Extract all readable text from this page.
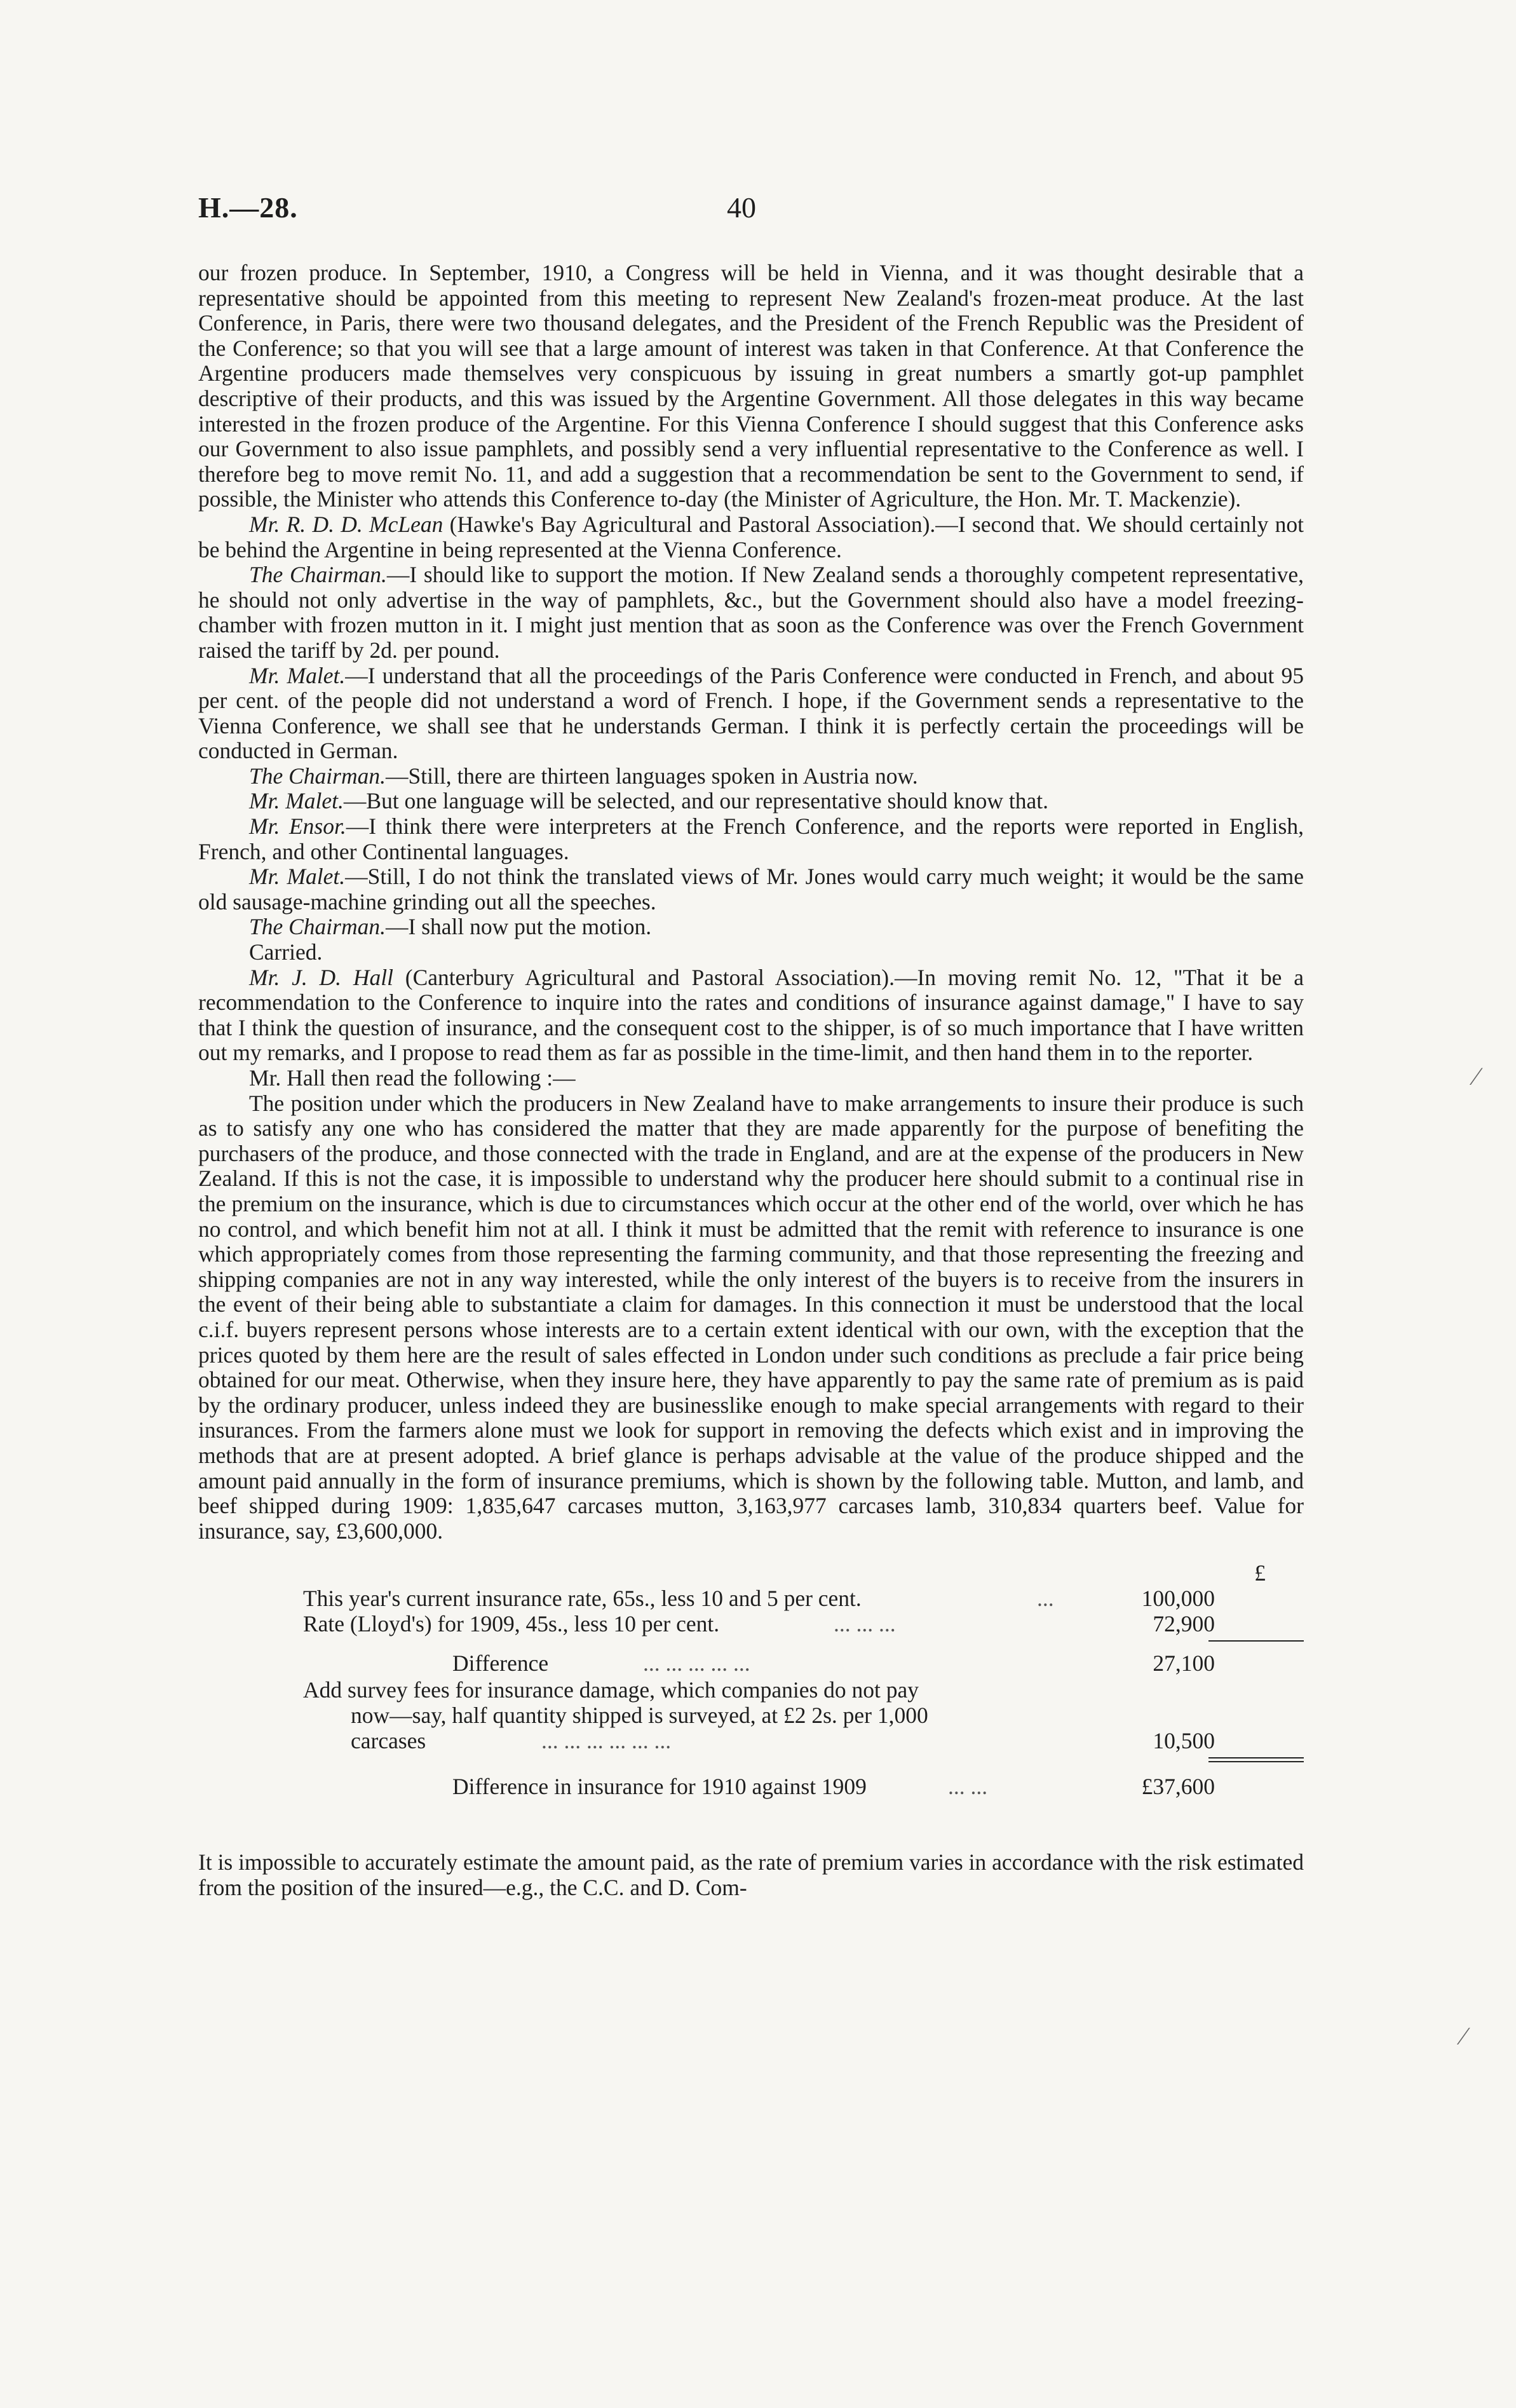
H.—28.	40

our frozen produce. In September, 1910, a Congress will be held in Vienna, and it was thought desirable that a representative should be appointed from this meeting to represent New Zealand's frozen-meat produce. At the last Conference, in Paris, there were two thousand delegates, and the President of the French Republic was the President of the Conference; so that you will see that a large amount of interest was taken in that Conference. At that Conference the Argentine producers made themselves very conspicuous by issuing in great numbers a smartly got-up pamphlet descriptive of their products, and this was issued by the Argentine Government. All those delegates in this way became interested in the frozen produce of the Argentine. For this Vienna Conference I should suggest that this Conference asks our Government to also issue pamphlets, and possibly send a very influential representative to the Conference as well. I therefore beg to move remit No. 11, and add a suggestion that a recommendation be sent to the Government to send, if possible, the Minister who attends this Conference to-day (the Minister of Agriculture, the Hon. Mr. T. Mackenzie).

Mr. R. D. D. McLean (Hawke's Bay Agricultural and Pastoral Association).—I second that. We should certainly not be behind the Argentine in being represented at the Vienna Conference.

The Chairman.—I should like to support the motion. If New Zealand sends a thoroughly competent representative, he should not only advertise in the way of pamphlets, &c., but the Government should also have a model freezing-chamber with frozen mutton in it. I might just mention that as soon as the Conference was over the French Government raised the tariff by 2d. per pound.

Mr. Malet.—I understand that all the proceedings of the Paris Conference were conducted in French, and about 95 per cent. of the people did not understand a word of French. I hope, if the Government sends a representative to the Vienna Conference, we shall see that he understands German. I think it is perfectly certain the proceedings will be conducted in German.

The Chairman.—Still, there are thirteen languages spoken in Austria now.

Mr. Malet.—But one language will be selected, and our representative should know that.

Mr. Ensor.—I think there were interpreters at the French Conference, and the reports were reported in English, French, and other Continental languages.

Mr. Malet.—Still, I do not think the translated views of Mr. Jones would carry much weight; it would be the same old sausage-machine grinding out all the speeches.

The Chairman.—I shall now put the motion.

Carried.

Mr. J. D. Hall (Canterbury Agricultural and Pastoral Association).—In moving remit No. 12, "That it be a recommendation to the Conference to inquire into the rates and conditions of insurance against damage," I have to say that I think the question of insurance, and the consequent cost to the shipper, is of so much importance that I have written out my remarks, and I propose to read them as far as possible in the time-limit, and then hand them in to the reporter.

Mr. Hall then read the following :—

The position under which the producers in New Zealand have to make arrangements to insure their produce is such as to satisfy any one who has considered the matter that they are made apparently for the purpose of benefiting the purchasers of the produce, and those connected with the trade in England, and are at the expense of the producers in New Zealand. If this is not the case, it is impossible to understand why the producer here should submit to a continual rise in the premium on the insurance, which is due to circumstances which occur at the other end of the world, over which he has no control, and which benefit him not at all. I think it must be admitted that the remit with reference to insurance is one which appropriately comes from those representing the farming community, and that those representing the freezing and shipping companies are not in any way interested, while the only interest of the buyers is to receive from the insurers in the event of their being able to substantiate a claim for damages. In this connection it must be understood that the local c.i.f. buyers represent persons whose interests are to a certain extent identical with our own, with the exception that the prices quoted by them here are the result of sales effected in London under such conditions as preclude a fair price being obtained for our meat. Otherwise, when they insure here, they have apparently to pay the same rate of premium as is paid by the ordinary producer, unless indeed they are businesslike enough to make special arrangements with regard to their insurances. From the farmers alone must we look for support in removing the defects which exist and in improving the methods that are at present adopted. A brief glance is perhaps advisable at the value of the produce shipped and the amount paid annually in the form of insurance premiums, which is shown by the following table. Mutton, and lamb, and beef shipped during 1909: 1,835,647 carcases mutton, 3,163,977 carcases lamb, 310,834 quarters beef. Value for insurance, say, £3,600,000.

£
This year's current insurance rate, 65s., less 10 and 5 per cent.	...	100,000
Rate (Lloyd's) for 1909, 45s., less 10 per cent.	... ... ...	72,900
Difference	... ... ... ... ...	27,100
Add survey fees for insurance damage, which companies do not pay
now—say, half quantity shipped is surveyed, at £2 2s. per 1,000
carcases	... ... ... ... ... ...	10,500
Difference in insurance for 1910 against 1909	... ...	£37,600

It is impossible to accurately estimate the amount paid, as the rate of premium varies in accordance with the risk estimated from the position of the insured—e.g., the C.C. and D. Com-

⁄
∕
